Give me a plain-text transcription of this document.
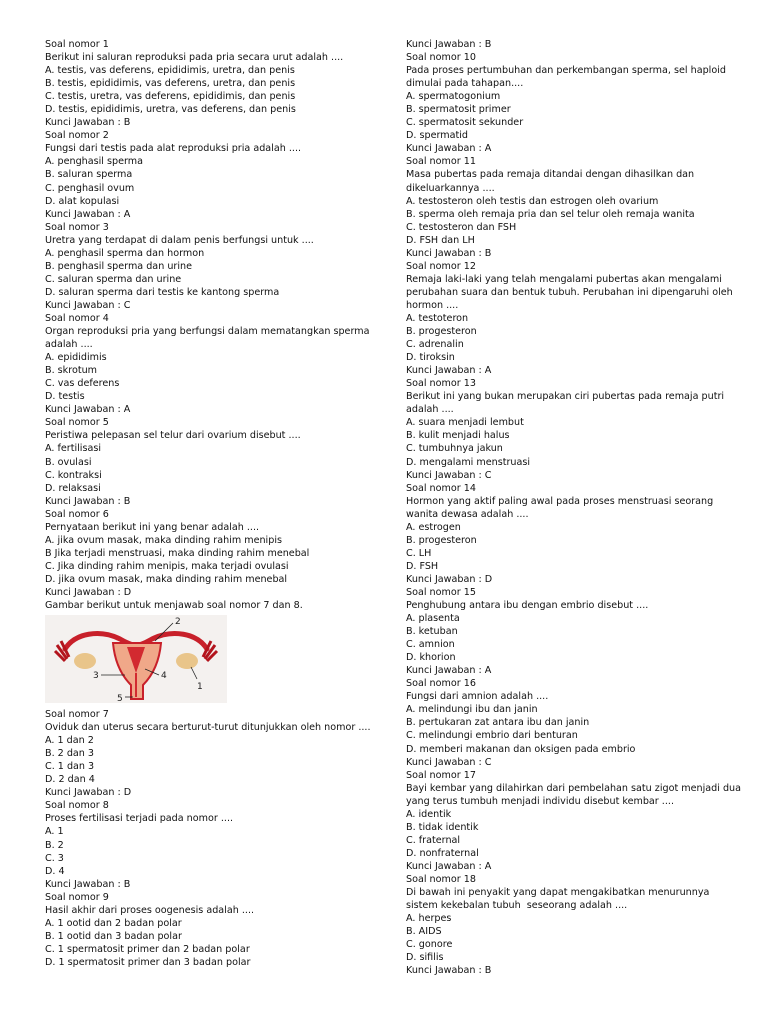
Soal nomor 1
Berikut ini saluran reproduksi pada pria secara urut adalah ....
A. testis, vas deferens, epididimis, uretra, dan penis
B. testis, epididimis, vas deferens, uretra, dan penis
C. testis, uretra, vas deferens, epididimis, dan penis
D. testis, epididimis, uretra, vas deferens, dan penis
Kunci Jawaban : B
Soal nomor 2
Fungsi dari testis pada alat reproduksi pria adalah ....
A. penghasil sperma
B. saluran sperma
C. penghasil ovum
D. alat kopulasi
Kunci Jawaban : A
Soal nomor 3
Uretra yang terdapat di dalam penis berfungsi untuk ....
A. penghasil sperma dan hormon
B. penghasil sperma dan urine
C. saluran sperma dan urine
D. saluran sperma dari testis ke kantong sperma
Kunci Jawaban : C
Soal nomor 4
Organ reproduksi pria yang berfungsi dalam mematangkan sperma
adalah ....
A. epididimis
B. skrotum
C. vas deferens
D. testis
Kunci Jawaban : A
Soal nomor 5
Peristiwa pelepasan sel telur dari ovarium disebut ....
A. fertilisasi
B. ovulasi
C. kontraksi
D. relaksasi
Kunci Jawaban : B
Soal nomor 6
Pernyataan berikut ini yang benar adalah ....
A. jika ovum masak, maka dinding rahim menipis
B Jika terjadi menstruasi, maka dinding rahim menebal
C. Jika dinding rahim menipis, maka terjadi ovulasi
D. jika ovum masak, maka dinding rahim menebal
Kunci Jawaban : D
Gambar berikut untuk menjawab soal nomor 7 dan 8.
2
3	4
1
5
Soal nomor 7
Oviduk dan uterus secara berturut-turut ditunjukkan oleh nomor ....
A. 1 dan 2
B. 2 dan 3
C. 1 dan 3
D. 2 dan 4
Kunci Jawaban : D
Soal nomor 8
Proses fertilisasi terjadi pada nomor ....
A. 1
B. 2
C. 3
D. 4
Kunci Jawaban : B
Soal nomor 9
Hasil akhir dari proses oogenesis adalah ....
A. 1 ootid dan 2 badan polar
B. 1 ootid dan 3 badan polar
C. 1 spermatosit primer dan 2 badan polar
D. 1 spermatosit primer dan 3 badan polar
Kunci Jawaban : B
Soal nomor 10
Pada proses pertumbuhan dan perkembangan sperma, sel haploid
dimulai pada tahapan....
A. spermatogonium
B. spermatosit primer
C. spermatosit sekunder
D. spermatid
Kunci Jawaban : A
Soal nomor 11
Masa pubertas pada remaja ditandai dengan dihasilkan dan
dikeluarkannya ....
A. testosteron oleh testis dan estrogen oleh ovarium
B. sperma oleh remaja pria dan sel telur oleh remaja wanita
C. testosteron dan FSH
D. FSH dan LH
Kunci Jawaban : B
Soal nomor 12
Remaja laki-laki yang telah mengalami pubertas akan mengalami
perubahan suara dan bentuk tubuh. Perubahan ini dipengaruhi oleh
hormon ....
A. testoteron
B. progesteron
C. adrenalin
D. tiroksin
Kunci Jawaban : A
Soal nomor 13
Berikut ini yang bukan merupakan ciri pubertas pada remaja putri
adalah ....
A. suara menjadi lembut
B. kulit menjadi halus
C. tumbuhnya jakun
D. mengalami menstruasi
Kunci Jawaban : C
Soal nomor 14
Hormon yang aktif paling awal pada proses menstruasi seorang
wanita dewasa adalah ....
A. estrogen
B. progesteron
C. LH
D. FSH
Kunci Jawaban : D
Soal nomor 15
Penghubung antara ibu dengan embrio disebut ....
A. plasenta
B. ketuban
C. amnion
D. khorion
Kunci Jawaban : A
Soal nomor 16
Fungsi dari amnion adalah ....
A. melindungi ibu dan janin
B. pertukaran zat antara ibu dan janin
C. melindungi embrio dari benturan
D. memberi makanan dan oksigen pada embrio
Kunci Jawaban : C
Soal nomor 17
Bayi kembar yang dilahirkan dari pembelahan satu zigot menjadi dua
yang terus tumbuh menjadi individu disebut kembar ....
A. identik
B. tidak identik
C. fraternal
D. nonfraternal
Kunci Jawaban : A
Soal nomor 18
Di bawah ini penyakit yang dapat mengakibatkan menurunnya
sistem kekebalan tubuh  seseorang adalah ....
A. herpes
B. AIDS
C. gonore
D. sifilis
Kunci Jawaban : B
